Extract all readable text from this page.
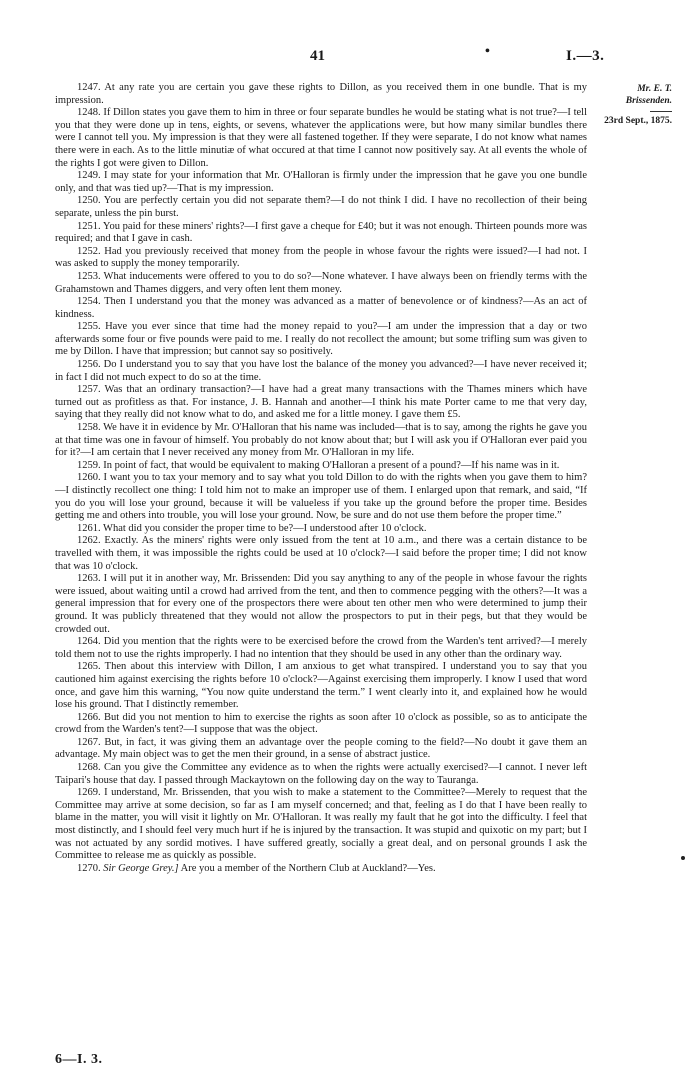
41	•	I.—3.
Mr. E. T. Brissenden.
23rd Sept., 1875.

1247. At any rate you are certain you gave these rights to Dillon, as you received them in one bundle. That is my impression.

1248. If Dillon states you gave them to him in three or four separate bundles he would be stating what is not true?—I tell you that they were done up in tens, eights, or sevens, whatever the applications were, but how many similar bundles there were I cannot tell you. My impression is that they were all fastened together. If they were separate, I do not know what names there were in each. As to the little minutiæ of what occured at that time I cannot now positively say. At all events the whole of the rights I got were given to Dillon.

1249. I may state for your information that Mr. O'Halloran is firmly under the impression that he gave you one bundle only, and that was tied up?—That is my impression.

1250. You are perfectly certain you did not separate them?—I do not think I did. I have no recollection of their being separate, unless the pin burst.

1251. You paid for these miners' rights?—I first gave a cheque for £40; but it was not enough. Thirteen pounds more was required; and that I gave in cash.

1252. Had you previously received that money from the people in whose favour the rights were issued?—I had not. I was asked to supply the money temporarily.

1253. What inducements were offered to you to do so?—None whatever. I have always been on friendly terms with the Grahamstown and Thames diggers, and very often lent them money.

1254. Then I understand you that the money was advanced as a matter of benevolence or of kindness?—As an act of kindness.

1255. Have you ever since that time had the money repaid to you?—I am under the impression that a day or two afterwards some four or five pounds were paid to me. I really do not recollect the amount; but some trifling sum was given to me by Dillon. I have that impression; but cannot say so positively.

1256. Do I understand you to say that you have lost the balance of the money you advanced?—I have never received it; in fact I did not much expect to do so at the time.

1257. Was that an ordinary transaction?—I have had a great many transactions with the Thames miners which have turned out as profitless as that. For instance, J. B. Hannah and another—I think his mate Porter came to me that very day, saying that they really did not know what to do, and asked me for a little money. I gave them £5.

1258. We have it in evidence by Mr. O'Halloran that his name was included—that is to say, among the rights he gave you at that time was one in favour of himself. You probably do not know about that; but I will ask you if O'Halloran ever paid you for it?—I am certain that I never received any money from Mr. O'Halloran in my life.

1259. In point of fact, that would be equivalent to making O'Halloran a present of a pound?—If his name was in it.

1260. I want you to tax your memory and to say what you told Dillon to do with the rights when you gave them to him?—I distinctly recollect one thing: I told him not to make an improper use of them. I enlarged upon that remark, and said, “If you do you will lose your ground, because it will be valueless if you take up the ground before the proper time. Besides getting me and others into trouble, you will lose your ground. Now, be sure and do not use them before the proper time.”

1261. What did you consider the proper time to be?—I understood after 10 o'clock.

1262. Exactly. As the miners' rights were only issued from the tent at 10 a.m., and there was a certain distance to be travelled with them, it was impossible the rights could be used at 10 o'clock?—I said before the proper time; I did not know that was 10 o'clock.

1263. I will put it in another way, Mr. Brissenden: Did you say anything to any of the people in whose favour the rights were issued, about waiting until a crowd had arrived from the tent, and then to commence pegging with the others?—It was a general impression that for every one of the prospectors there were about ten other men who were determined to jump their ground. It was publicly threatened that they would not allow the prospectors to put in their pegs, but that they would be crowded out.

1264. Did you mention that the rights were to be exercised before the crowd from the Warden's tent arrived?—I merely told them not to use the rights improperly. I had no intention that they should be used in any other than the ordinary way.

1265. Then about this interview with Dillon, I am anxious to get what transpired. I understand you to say that you cautioned him against exercising the rights before 10 o'clock?—Against exercising them improperly. I know I used that word once, and gave him this warning, “You now quite understand the term.” I went clearly into it, and explained how he would lose his ground. That I distinctly remember.

1266. But did you not mention to him to exercise the rights as soon after 10 o'clock as possible, so as to anticipate the crowd from the Warden's tent?—I suppose that was the object.

1267. But, in fact, it was giving them an advantage over the people coming to the field?—No doubt it gave them an advantage. My main object was to get the men their ground, in a sense of abstract justice.

1268. Can you give the Committee any evidence as to when the rights were actually exercised?—I cannot. I never left Taipari's house that day. I passed through Mackaytown on the following day on the way to Tauranga.

1269. I understand, Mr. Brissenden, that you wish to make a statement to the Committee?—Merely to request that the Committee may arrive at some decision, so far as I am myself concerned; and that, feeling as I do that I have been really to blame in the matter, you will visit it lightly on Mr. O'Halloran. It was really my fault that he got into the difficulty. I feel that most distinctly, and I should feel very much hurt if he is injured by the transaction. It was stupid and quixotic on my part; but I was not actuated by any sordid motives. I have suffered greatly, socially a great deal, and on personal grounds I ask the Committee to release me as quickly as possible.

1270. Sir George Grey.] Are you a member of the Northern Club at Auckland?—Yes.

6—I. 3.
